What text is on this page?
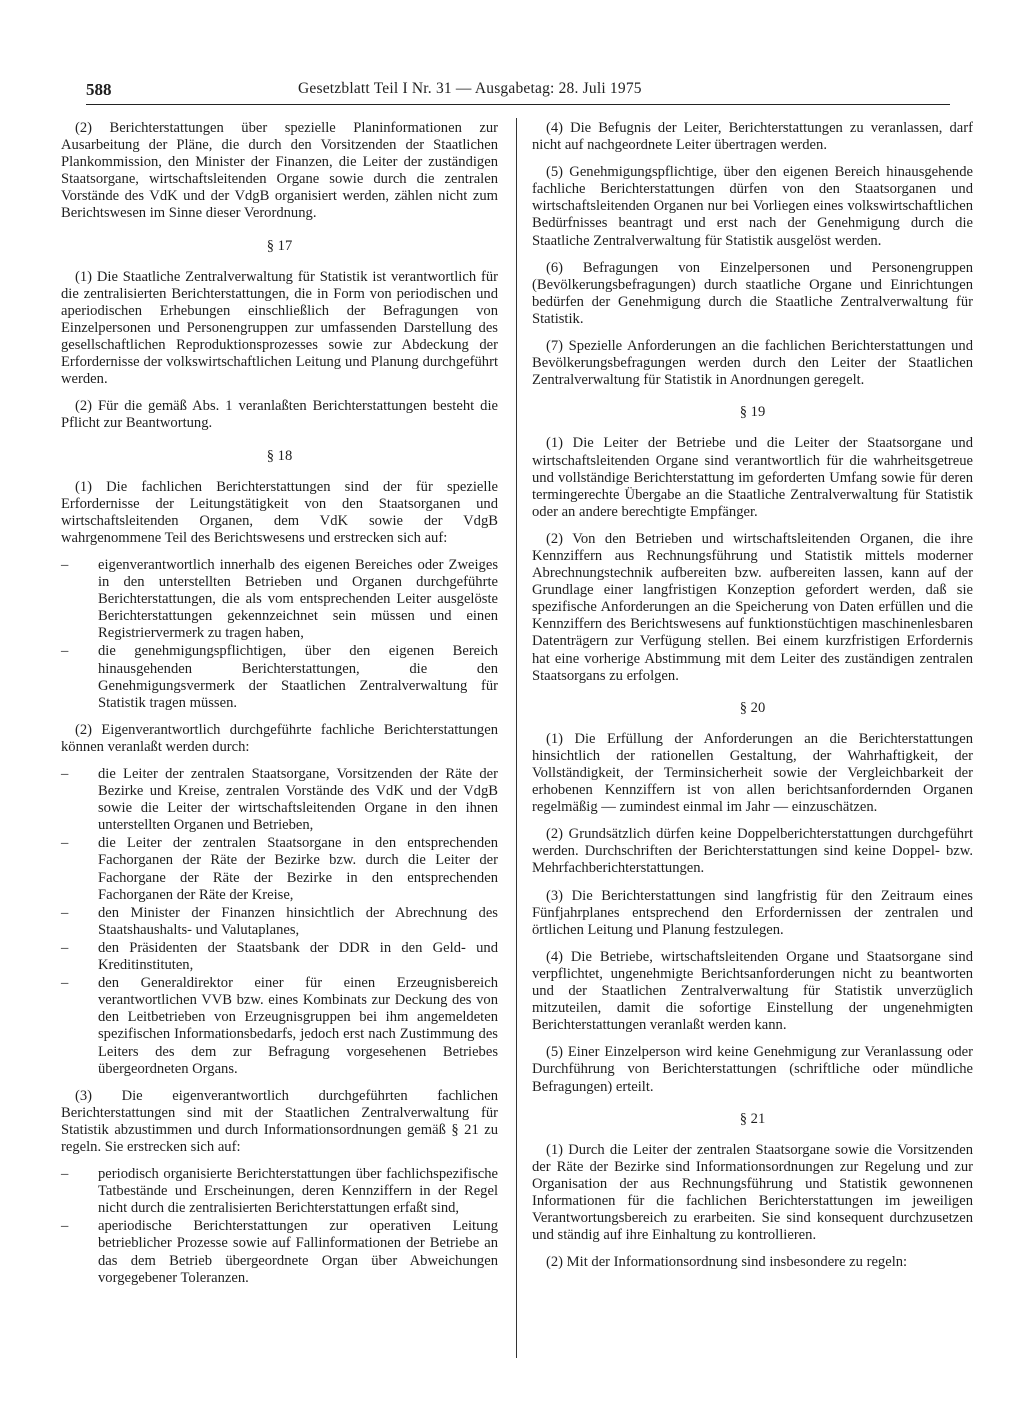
588	Gesetzblatt Teil I Nr. 31 — Ausgabetag: 28. Juli 1975

(2) Berichterstattungen über spezielle Planinformationen zur Ausarbeitung der Pläne, die durch den Vorsitzenden der Staatlichen Plankommission, den Minister der Finanzen, die Leiter der zuständigen Staatsorgane, wirtschaftsleitenden Organe sowie durch die zentralen Vorstände des VdK und der VdgB organisiert werden, zählen nicht zum Berichtswesen im Sinne dieser Verordnung.

§ 17

(1) Die Staatliche Zentralverwaltung für Statistik ist verantwortlich für die zentralisierten Berichterstattungen, die in Form von periodischen und aperiodischen Erhebungen einschließlich der Befragungen von Einzelpersonen und Personengruppen zur umfassenden Darstellung des gesellschaftlichen Reproduktionsprozesses sowie zur Abdeckung der Erfordernisse der volkswirtschaftlichen Leitung und Planung durchgeführt werden.

(2) Für die gemäß Abs. 1 veranlaßten Berichterstattungen besteht die Pflicht zur Beantwortung.

§ 18

(1) Die fachlichen Berichterstattungen sind der für spezielle Erfordernisse der Leitungstätigkeit von den Staatsorganen und wirtschaftsleitenden Organen, dem VdK sowie der VdgB wahrgenommene Teil des Berichtswesens und erstrecken sich auf:

– eigenverantwortlich innerhalb des eigenen Bereiches oder Zweiges in den unterstellten Betrieben und Organen durchgeführte Berichterstattungen, die als vom entsprechenden Leiter ausgelöste Berichterstattungen gekennzeichnet sein müssen und einen Registriervermerk zu tragen haben,
– die genehmigungspflichtigen, über den eigenen Bereich hinausgehenden Berichterstattungen, die den Genehmigungsvermerk der Staatlichen Zentralverwaltung für Statistik tragen müssen.

(2) Eigenverantwortlich durchgeführte fachliche Berichterstattungen können veranlaßt werden durch:

– die Leiter der zentralen Staatsorgane, Vorsitzenden der Räte der Bezirke und Kreise, zentralen Vorstände des VdK und der VdgB sowie die Leiter der wirtschaftsleitenden Organe in den ihnen unterstellten Organen und Betrieben,
– die Leiter der zentralen Staatsorgane in den entsprechenden Fachorganen der Räte der Bezirke bzw. durch die Leiter der Fachorgane der Räte der Bezirke in den entsprechenden Fachorganen der Räte der Kreise,
– den Minister der Finanzen hinsichtlich der Abrechnung des Staatshaushalts- und Valutaplanes,
– den Präsidenten der Staatsbank der DDR in den Geld- und Kreditinstituten,
– den Generaldirektor einer für einen Erzeugnisbereich verantwortlichen VVB bzw. eines Kombinats zur Deckung des von den Leitbetrieben von Erzeugnisgruppen bei ihm angemeldeten spezifischen Informationsbedarfs, jedoch erst nach Zustimmung des Leiters des dem zur Befragung vorgesehenen Betriebes übergeordneten Organs.

(3) Die eigenverantwortlich durchgeführten fachlichen Berichterstattungen sind mit der Staatlichen Zentralverwaltung für Statistik abzustimmen und durch Informationsordnungen gemäß § 21 zu regeln. Sie erstrecken sich auf:

– periodisch organisierte Berichterstattungen über fachlichspezifische Tatbestände und Erscheinungen, deren Kennziffern in der Regel nicht durch die zentralisierten Berichterstattungen erfaßt sind,
– aperiodische Berichterstattungen zur operativen Leitung betrieblicher Prozesse sowie auf Fallinformationen der Betriebe an das dem Betrieb übergeordnete Organ über Abweichungen vorgegebener Toleranzen.

(4) Die Befugnis der Leiter, Berichterstattungen zu veranlassen, darf nicht auf nachgeordnete Leiter übertragen werden.

(5) Genehmigungspflichtige, über den eigenen Bereich hinausgehende fachliche Berichterstattungen dürfen von den Staatsorganen und wirtschaftsleitenden Organen nur bei Vorliegen eines volkswirtschaftlichen Bedürfnisses beantragt und erst nach der Genehmigung durch die Staatliche Zentralverwaltung für Statistik ausgelöst werden.

(6) Befragungen von Einzelpersonen und Personengruppen (Bevölkerungsbefragungen) durch staatliche Organe und Einrichtungen bedürfen der Genehmigung durch die Staatliche Zentralverwaltung für Statistik.

(7) Spezielle Anforderungen an die fachlichen Berichterstattungen und Bevölkerungsbefragungen werden durch den Leiter der Staatlichen Zentralverwaltung für Statistik in Anordnungen geregelt.

§ 19

(1) Die Leiter der Betriebe und die Leiter der Staatsorgane und wirtschaftsleitenden Organe sind verantwortlich für die wahrheitsgetreue und vollständige Berichterstattung im geforderten Umfang sowie für deren termingerechte Übergabe an die Staatliche Zentralverwaltung für Statistik oder an andere berechtigte Empfänger.

(2) Von den Betrieben und wirtschaftsleitenden Organen, die ihre Kennziffern aus Rechnungsführung und Statistik mittels moderner Abrechnungstechnik aufbereiten bzw. aufbereiten lassen, kann auf der Grundlage einer langfristigen Konzeption gefordert werden, daß sie spezifische Anforderungen an die Speicherung von Daten erfüllen und die Kennziffern des Berichtswesens auf funktionstüchtigen maschinenlesbaren Datenträgern zur Verfügung stellen. Bei einem kurzfristigen Erfordernis hat eine vorherige Abstimmung mit dem Leiter des zuständigen zentralen Staatsorgans zu erfolgen.

§ 20

(1) Die Erfüllung der Anforderungen an die Berichterstattungen hinsichtlich der rationellen Gestaltung, der Wahrhaftigkeit, der Vollständigkeit, der Terminsicherheit sowie der Vergleichbarkeit der erhobenen Kennziffern ist von allen berichtsanfordernden Organen regelmäßig — zumindest einmal im Jahr — einzuschätzen.

(2) Grundsätzlich dürfen keine Doppelberichterstattungen durchgeführt werden. Durchschriften der Berichterstattungen sind keine Doppel- bzw. Mehrfachberichterstattungen.

(3) Die Berichterstattungen sind langfristig für den Zeitraum eines Fünfjahrplanes entsprechend den Erfordernissen der zentralen und örtlichen Leitung und Planung festzulegen.

(4) Die Betriebe, wirtschaftsleitenden Organe und Staatsorgane sind verpflichtet, ungenehmigte Berichtsanforderungen nicht zu beantworten und der Staatlichen Zentralverwaltung für Statistik unverzüglich mitzuteilen, damit die sofortige Einstellung der ungenehmigten Berichterstattungen veranlaßt werden kann.

(5) Einer Einzelperson wird keine Genehmigung zur Veranlassung oder Durchführung von Berichterstattungen (schriftliche oder mündliche Befragungen) erteilt.

§ 21

(1) Durch die Leiter der zentralen Staatsorgane sowie die Vorsitzenden der Räte der Bezirke sind Informationsordnungen zur Regelung und zur Organisation der aus Rechnungsführung und Statistik gewonnenen Informationen für die fachlichen Berichterstattungen im jeweiligen Verantwortungsbereich zu erarbeiten. Sie sind konsequent durchzusetzen und ständig auf ihre Einhaltung zu kontrollieren.

(2) Mit der Informationsordnung sind insbesondere zu regeln:
